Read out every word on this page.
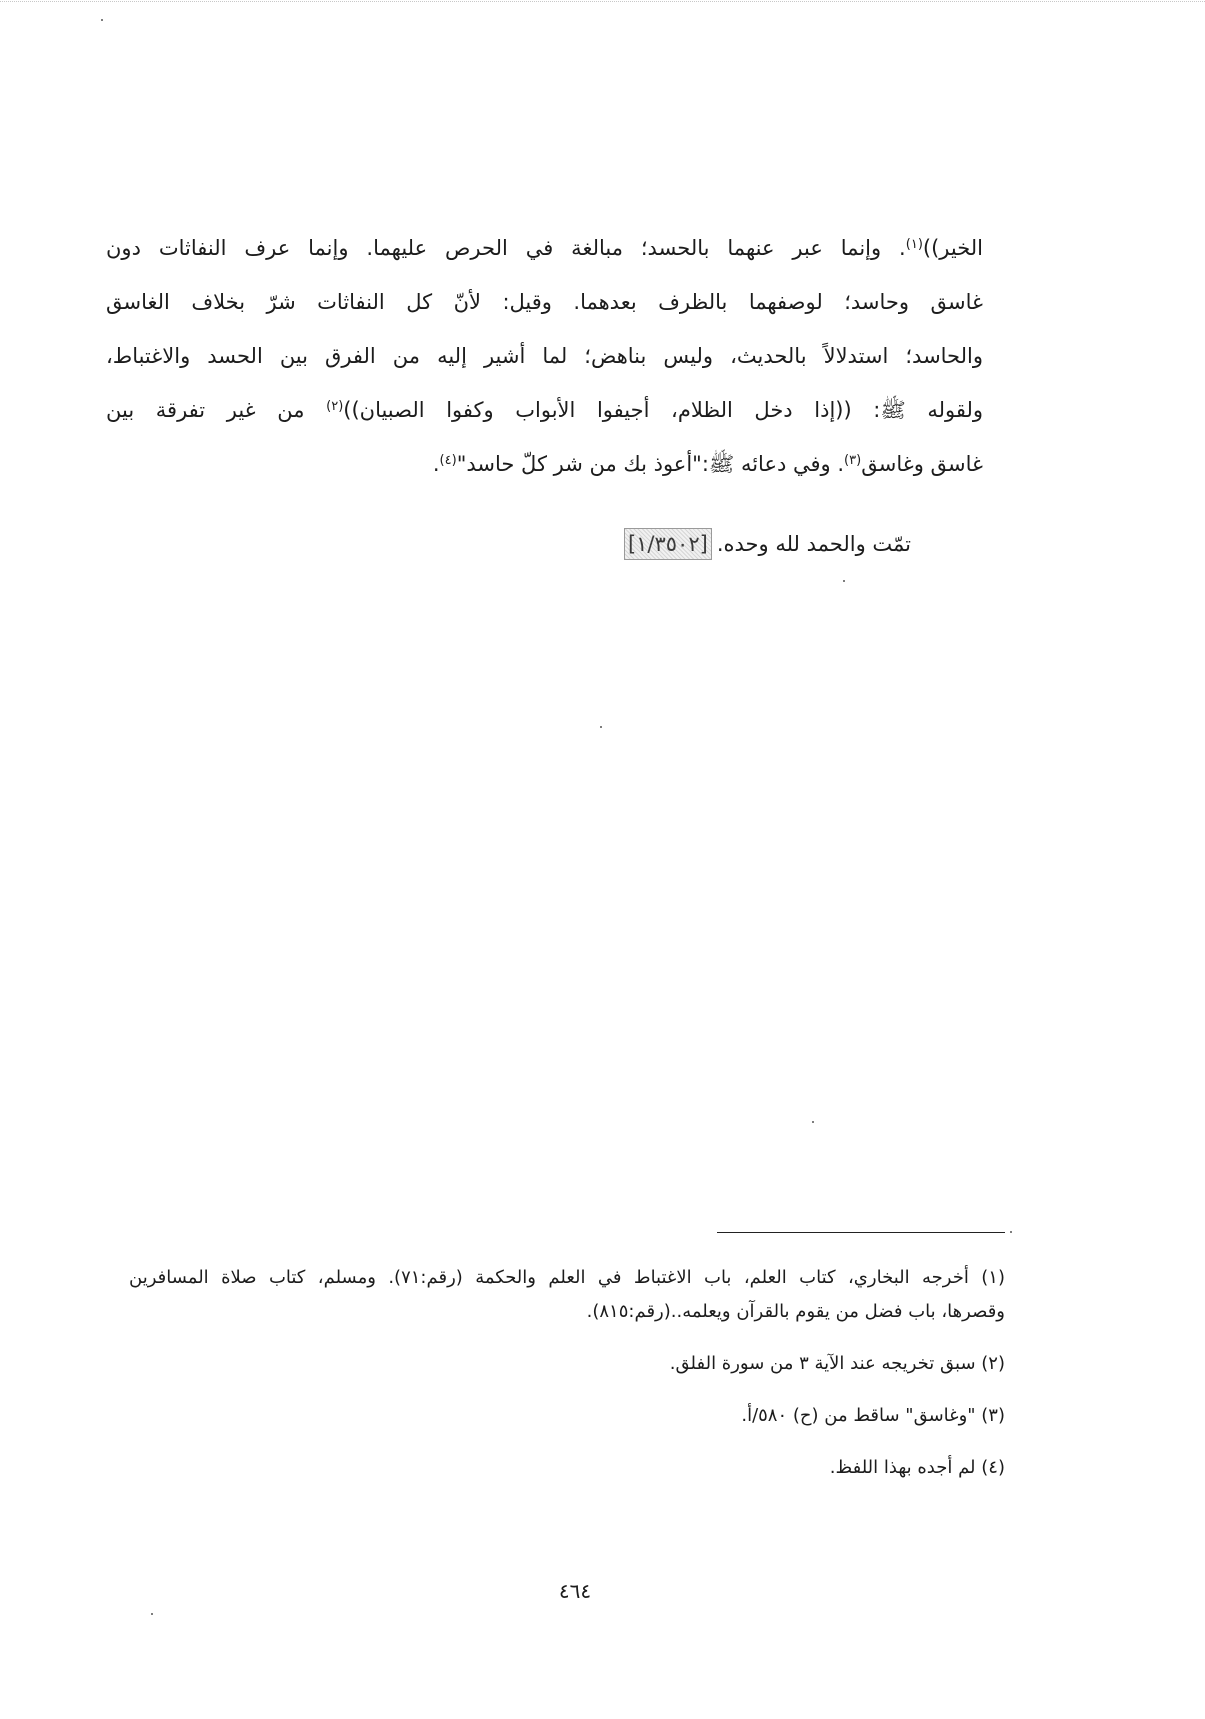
الخير))$^{(١)}$. وإنما عبر عنهما بالحسد؛ مبالغة في الحرص عليهما. وإنما عرف النفاثات دون
غاسق وحاسد؛ لوصفهما بالظرف بعدهما. وقيل: لأنّ كل النفاثات شرّ بخلاف الغاسق
والحاسد؛ استدلالاً بالحديث، وليس بناهض؛ لما أشير إليه من الفرق بين الحسد والاغتباط،
ولقوله ﷺ: ((إذا دخل الظلام، أجيفوا الأبواب وكفوا الصبيان))$^{(٢)}$ من غير تفرقة بين
غاسق وغاسق$^{(٣)}$. وفي دعائه ﷺ:"أعوذ بك من شر كلّ حاسد"$^{(٤)}$.
تمّت والحمد لله وحده.[١/٣٥٠٢]
(١) أخرجه البخاري، كتاب العلم، باب الاغتباط في العلم والحكمة (رقم:٧١). ومسلم، كتاب صلاة المسافرين
وقصرها، باب فضل من يقوم بالقرآن ويعلمه..(رقم:٨١٥).
(٢) سبق تخريجه عند الآية ٣ من سورة الفلق.
(٣) "وغاسق" ساقط من (ح) ٥٨٠/أ.
(٤) لم أجده بهذا اللفظ.
٤٦٤
